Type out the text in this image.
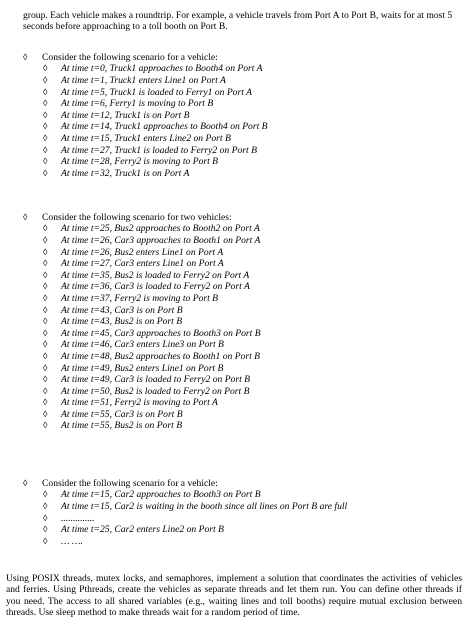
group. Each vehicle makes a roundtrip. For example, a vehicle travels from Port A to Port B, waits for at most 5 seconds before approaching to a toll booth on Port B.
◊	Consider the following scenario for a vehicle:
◊	At time t=0, Truck1 approaches to Booth4 on Port A
◊	At time t=1, Truck1 enters Line1 on Port A
◊	At time t=5, Truck1 is loaded to Ferry1 on Port A
◊	At time t=6, Ferry1 is moving to Port B
◊	At time t=12, Truck1 is on Port B
◊	At time t=14, Truck1 approaches to Booth4 on Port B
◊	At time t=15, Truck1 enters Line2 on Port B
◊	At time t=27, Truck1 is loaded to Ferry2 on Port B
◊	At time t=28, Ferry2 is moving to Port B
◊	At time t=32, Truck1 is on Port A
◊	Consider the following scenario for two vehicles:
◊	At time t=25, Bus2 approaches to Booth2 on Port A
◊	At time t=26, Car3 approaches to Booth1 on Port A
◊	At time t=26, Bus2 enters Line1 on Port A
◊	At time t=27, Car3 enters Line1 on Port A
◊	At time t=35, Bus2 is loaded to Ferry2 on Port A
◊	At time t=36, Car3 is loaded to Ferry2 on Port A
◊	At time t=37, Ferry2 is moving to Port B
◊	At time t=43, Car3 is on Port B
◊	At time t=43, Bus2 is on Port B
◊	At time t=45, Car3 approaches to Booth3 on Port B
◊	At time t=46, Car3 enters Line3 on Port B
◊	At time t=48, Bus2 approaches to Booth1 on Port B
◊	At time t=49, Bus2 enters Line1 on Port B
◊	At time t=49, Car3 is loaded to Ferry2 on Port B
◊	At time t=50, Bus2 is loaded to Ferry2 on Port B
◊	At time t=51, Ferry2 is moving to Port A
◊	At time t=55, Car3 is on Port B
◊	At time t=55, Bus2 is on Port B
◊	Consider the following scenario for a vehicle:
◊	At time t=15, Car2 approaches to Booth3 on Port B
◊	At time t=15, Car2 is waiting in the booth since all lines on Port B are full
◊	..............
◊	At time t=25, Car2 enters Line2 on Port B
◊	… ….
Using POSIX threads, mutex locks, and semaphores, implement a solution that coordinates the activities of vehicles and ferries. Using Pthreads, create the vehicles as separate threads and let them run. You can define other threads if you need. The access to all shared variables (e.g., waiting lines and toll booths) require mutual exclusion between threads. Use sleep method to make threads wait for a random period of time.
